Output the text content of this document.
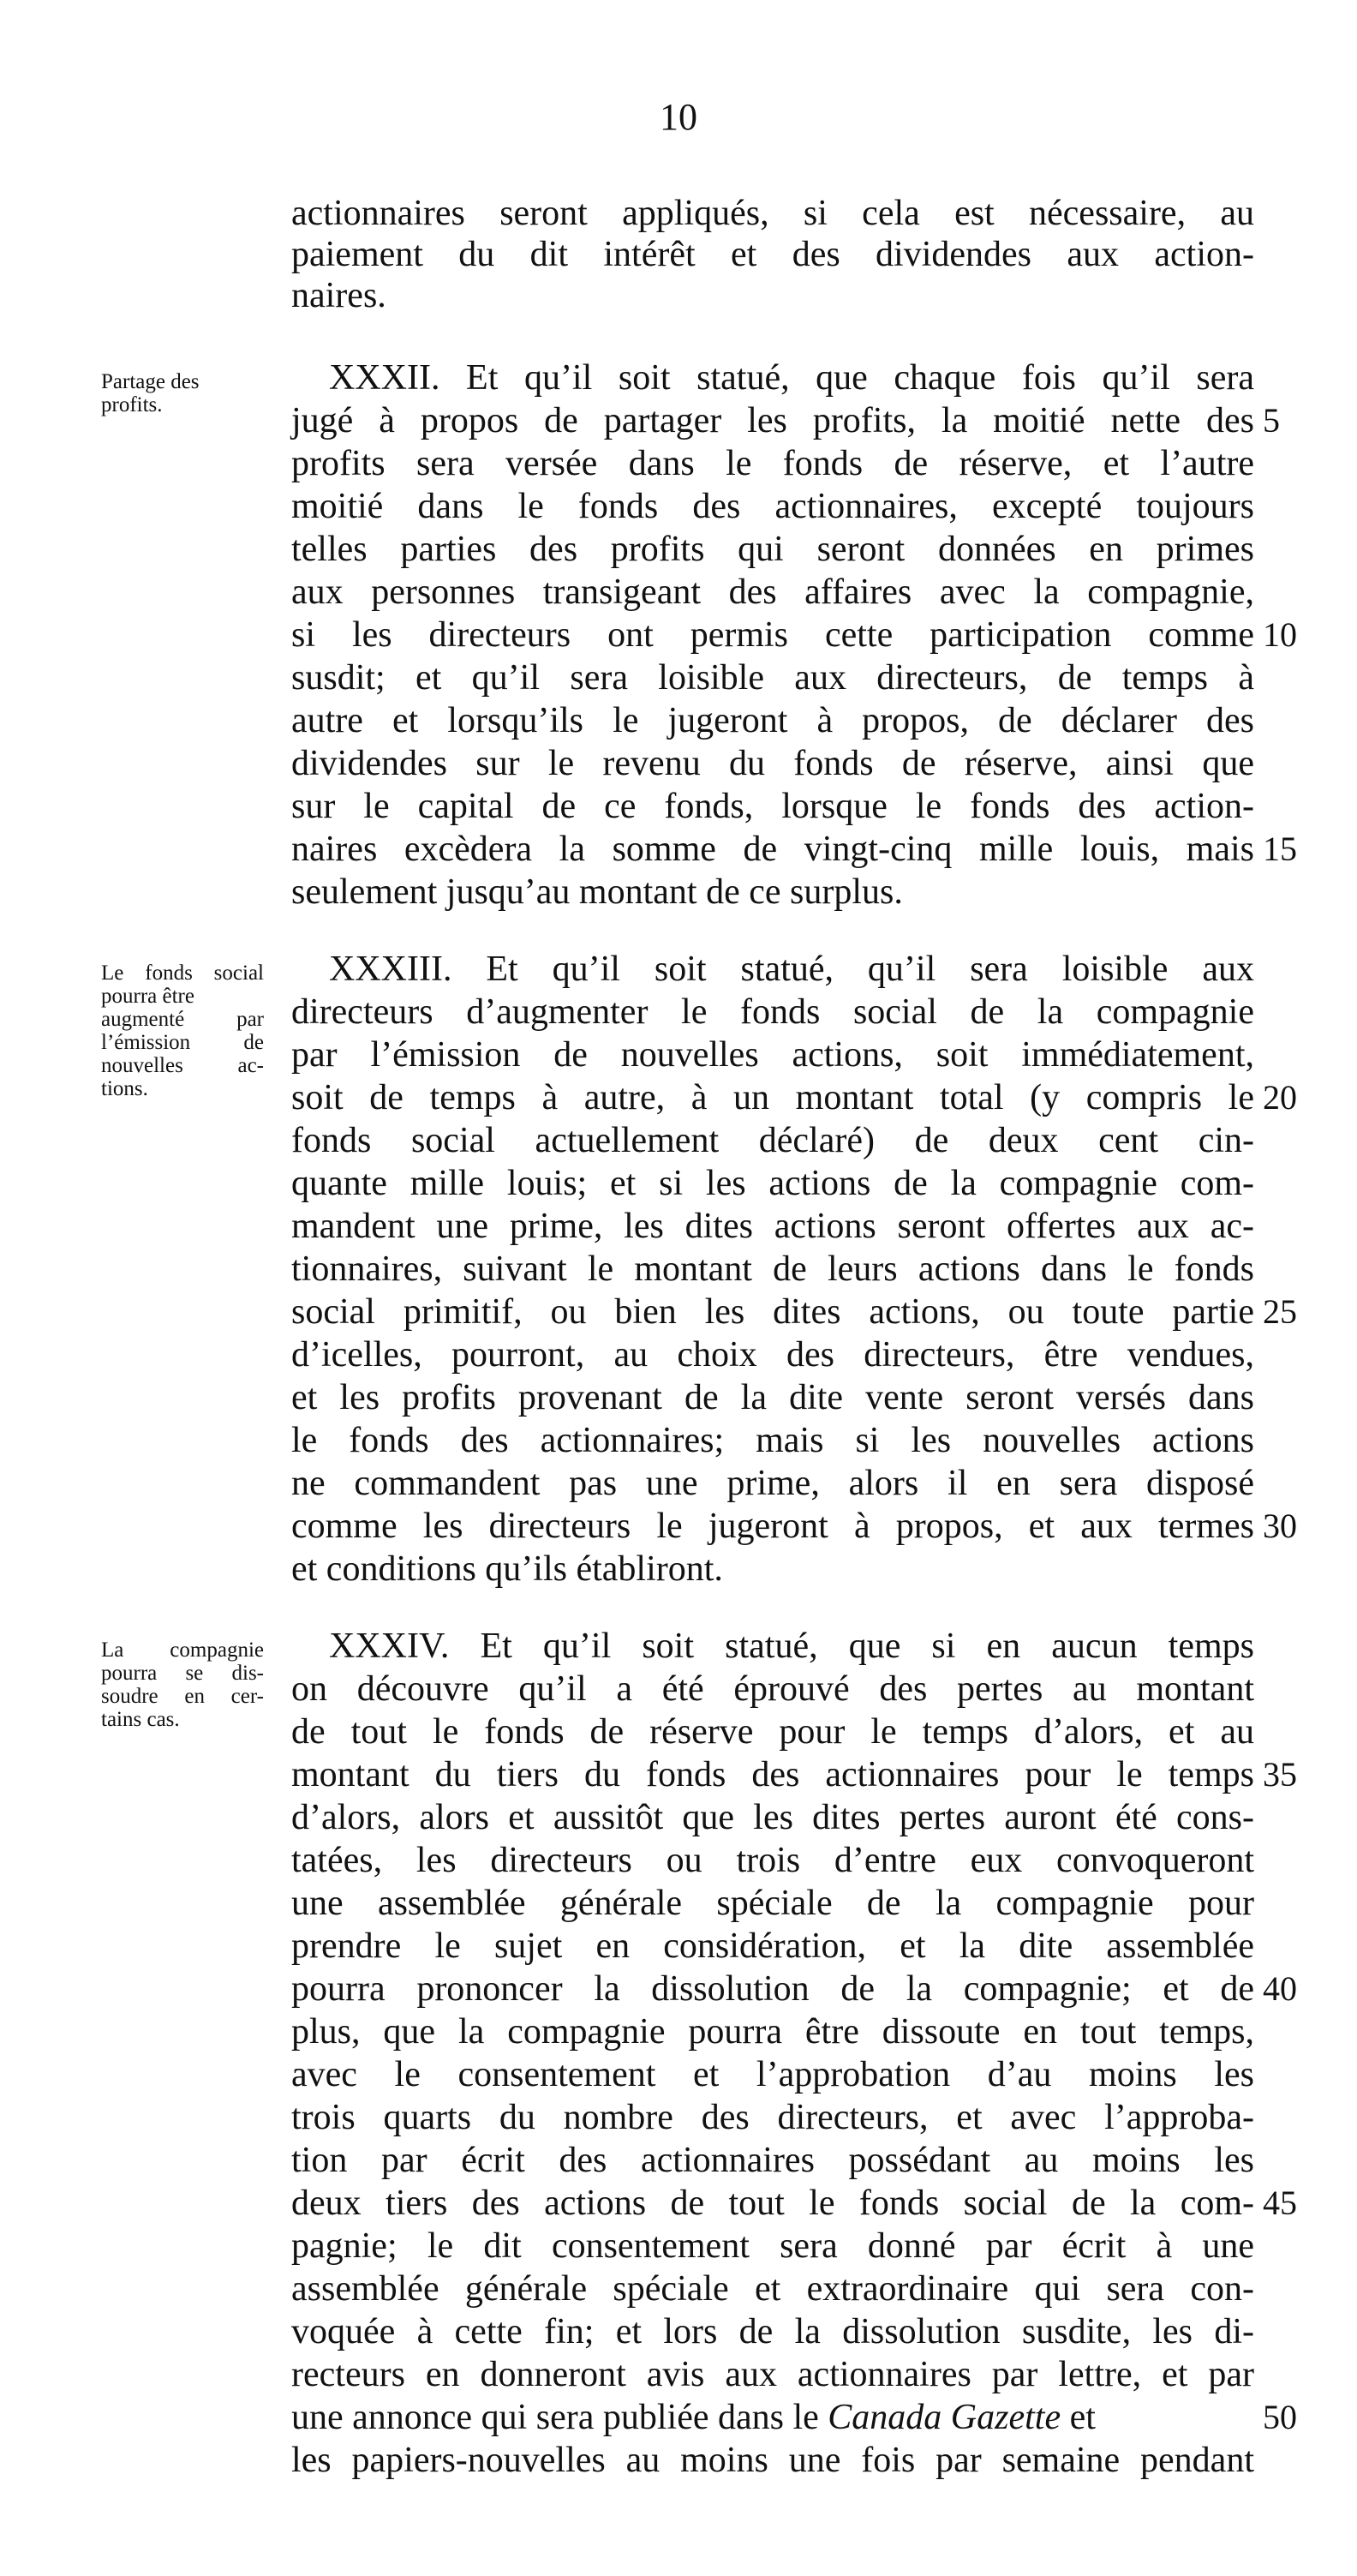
10
actionnaires seront appliqués, si cela est nécessaire, au
paiement du dit intérêt et des dividendes aux action-
naires.
Partage des
profits.
XXXII. Et qu’il soit statué, que chaque fois qu’il sera
jugé à propos de partager les profits, la moitié nette des
profits sera versée dans le fonds de réserve, et l’autre
moitié dans le fonds des actionnaires, excepté toujours
telles parties des profits qui seront données en primes
aux personnes transigeant des affaires avec la compagnie,
si les directeurs ont permis cette participation comme
susdit; et qu’il sera loisible aux directeurs, de temps à
autre et lorsqu’ils le jugeront à propos, de déclarer des
dividendes sur le revenu du fonds de réserve, ainsi que
sur le capital de ce fonds, lorsque le fonds des action-
naires excèdera la somme de vingt-cinq mille louis, mais
seulement jusqu’au montant de ce surplus.
5
10
15
Le fonds social
pourra être
augmenté par
l’émission de
nouvelles ac-
tions.
XXXIII. Et qu’il soit statué, qu’il sera loisible aux
directeurs d’augmenter le fonds social de la compagnie
par l’émission de nouvelles actions, soit immédiatement,
soit de temps à autre, à un montant total (y compris le
fonds social actuellement déclaré) de deux cent cin-
quante mille louis; et si les actions de la compagnie com-
mandent une prime, les dites actions seront offertes aux ac-
tionnaires, suivant le montant de leurs actions dans le fonds
social primitif, ou bien les dites actions, ou toute partie
d’icelles, pourront, au choix des directeurs, être vendues,
et les profits provenant de la dite vente seront versés dans
le fonds des actionnaires; mais si les nouvelles actions
ne commandent pas une prime, alors il en sera disposé
comme les directeurs le jugeront à propos, et aux termes
et conditions qu’ils établiront.
20
25
30
La compagnie
pourra se dis-
soudre en cer-
tains cas.
XXXIV. Et qu’il soit statué, que si en aucun temps
on découvre qu’il a été éprouvé des pertes au montant
de tout le fonds de réserve pour le temps d’alors, et au
montant du tiers du fonds des actionnaires pour le temps
d’alors, alors et aussitôt que les dites pertes auront été cons-
tatées, les directeurs ou trois d’entre eux convoqueront
une assemblée générale spéciale de la compagnie pour
prendre le sujet en considération, et la dite assemblée
pourra prononcer la dissolution de la compagnie; et de
plus, que la compagnie pourra être dissoute en tout temps,
avec le consentement et l’approbation d’au moins les
trois quarts du nombre des directeurs, et avec l’approba-
tion par écrit des actionnaires possédant au moins les
deux tiers des actions de tout le fonds social de la com-
pagnie; le dit consentement sera donné par écrit à une
assemblée générale spéciale et extraordinaire qui sera con-
voquée à cette fin; et lors de la dissolution susdite, les di-
recteurs en donneront avis aux actionnaires par lettre, et par
une annonce qui sera publiée dans le Canada Gazette et
les papiers-nouvelles au moins une fois par semaine pendant
35
40
45
50
